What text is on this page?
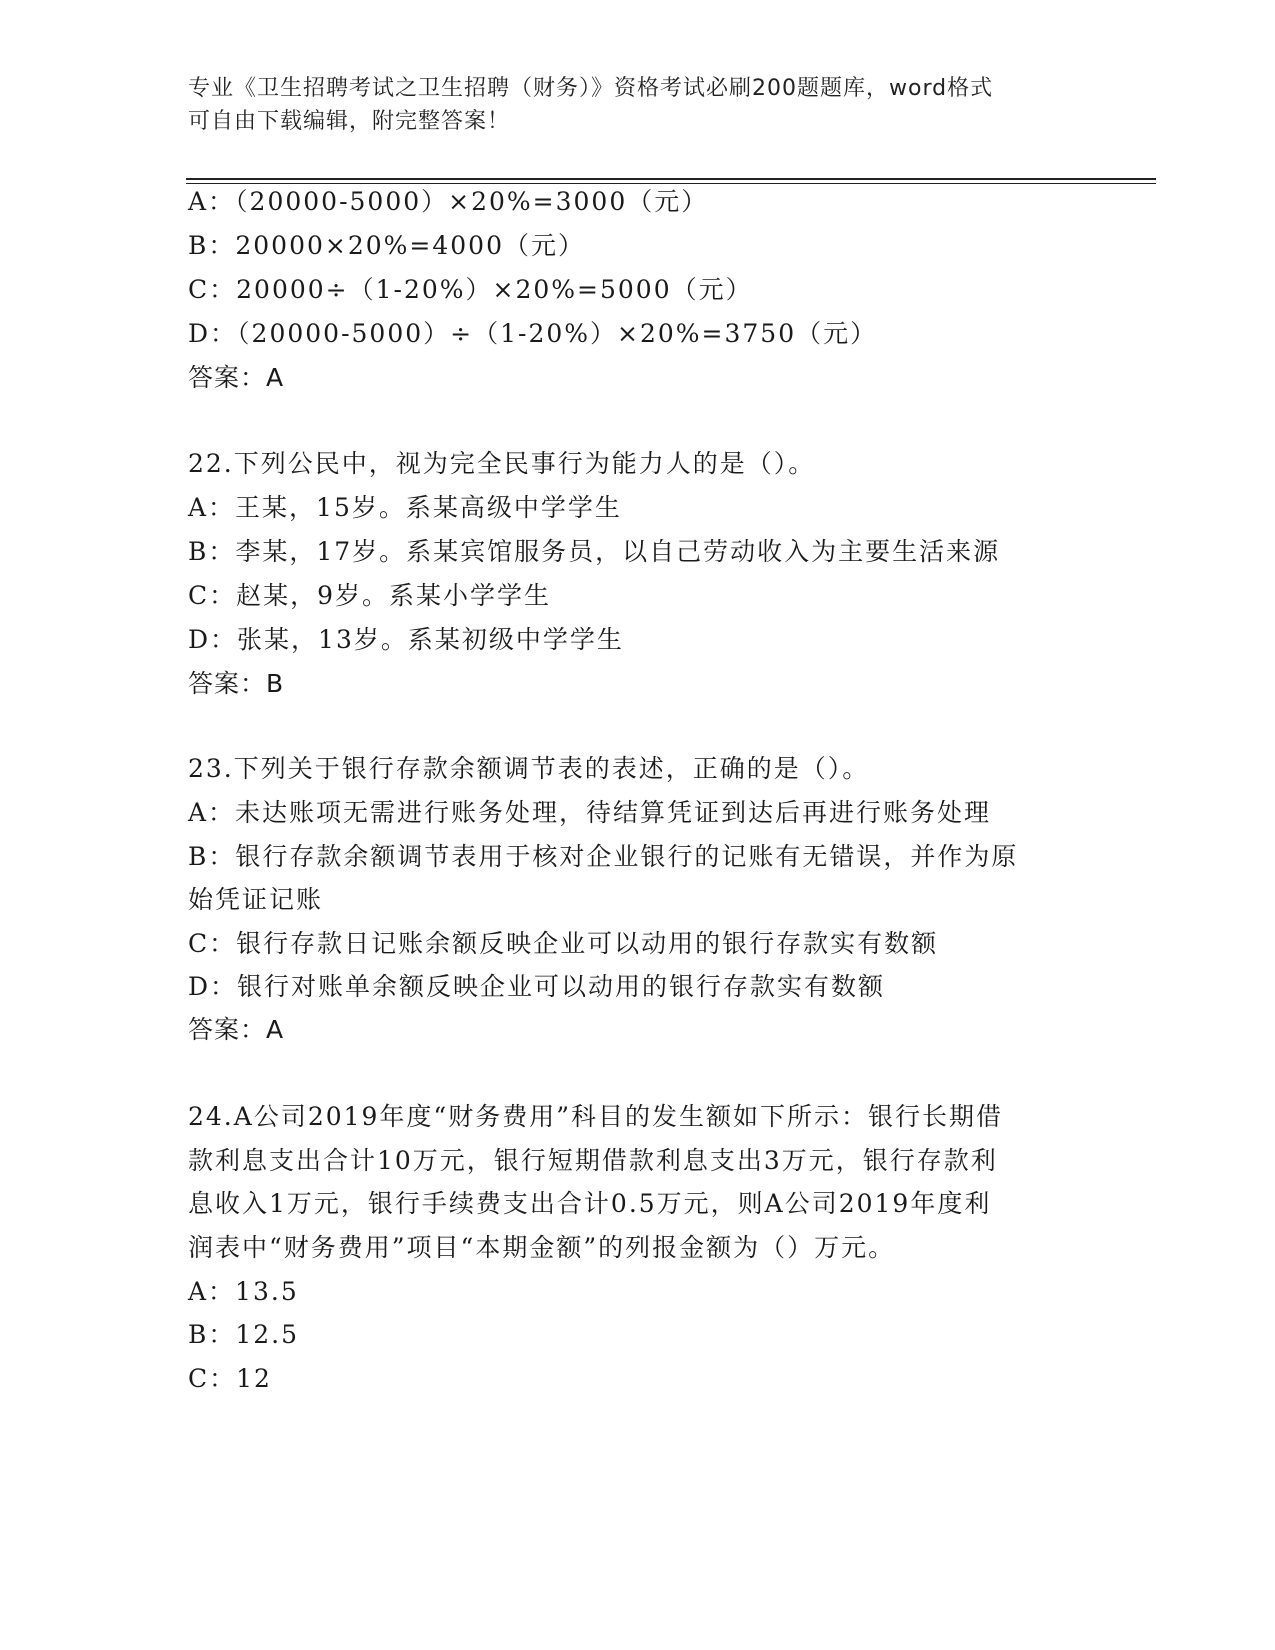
专业《卫生招聘考试之卫生招聘（财务）》资格考试必刷200题题库，word格式
可自由下载编辑，附完整答案！
A：（20000-5000）×20%=3000（元）
B：20000×20%=4000（元）
C：20000÷（1-20%）×20%=5000（元）
D：（20000-5000）÷（1-20%）×20%=3750（元）
答案：A
22.下列公民中，视为完全民事行为能力人的是（）。
A：王某，15岁。系某高级中学学生
B：李某，17岁。系某宾馆服务员，以自己劳动收入为主要生活来源
C：赵某，9岁。系某小学学生
D：张某，13岁。系某初级中学学生
答案：B
23.下列关于银行存款余额调节表的表述，正确的是（）。
A：未达账项无需进行账务处理，待结算凭证到达后再进行账务处理
B：银行存款余额调节表用于核对企业银行的记账有无错误，并作为原
始凭证记账
C：银行存款日记账余额反映企业可以动用的银行存款实有数额
D：银行对账单余额反映企业可以动用的银行存款实有数额
答案：A
24.A公司2019年度“财务费用”科目的发生额如下所示：银行长期借
款利息支出合计10万元，银行短期借款利息支出3万元，银行存款利
息收入1万元，银行手续费支出合计0.5万元，则A公司2019年度利
润表中“财务费用”项目“本期金额”的列报金额为（）万元。
A：13.5
B：12.5
C：12
